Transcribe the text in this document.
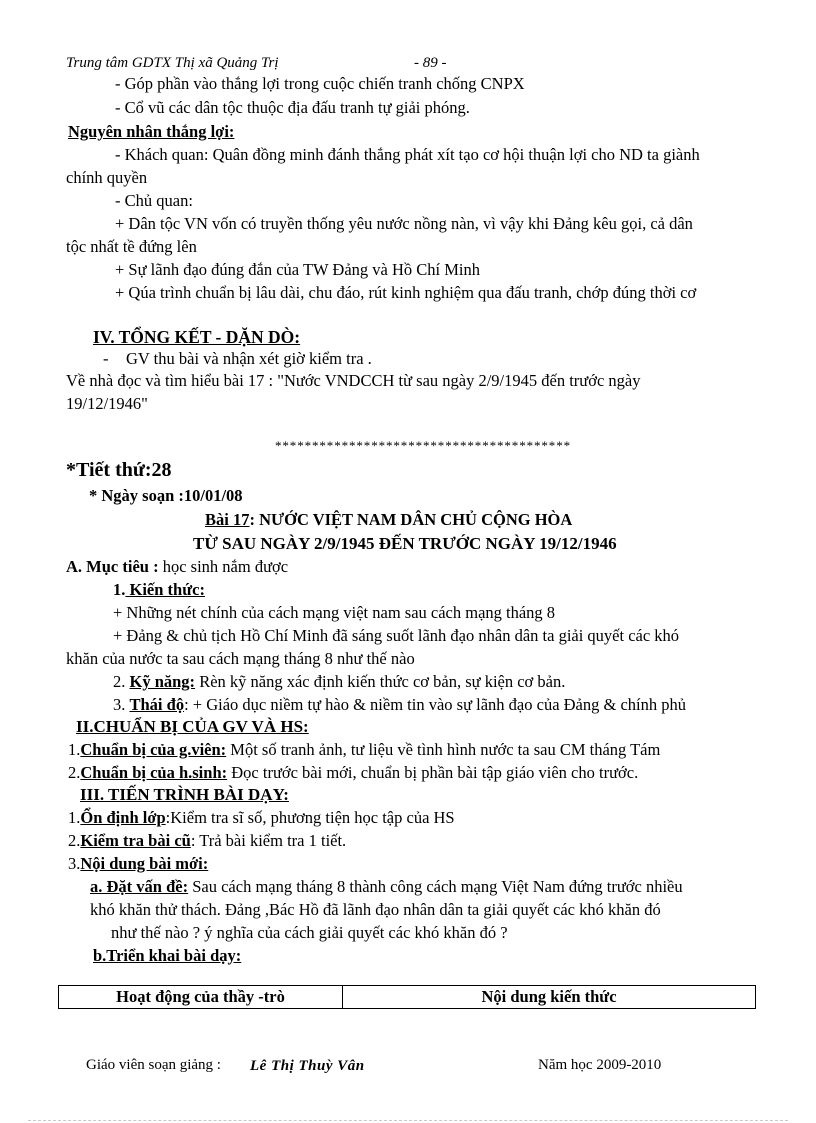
Trung tâm GDTX Thị xã Quảng Trị	- 89 -
- Góp phần vào thắng lợi trong cuộc chiến tranh chống CNPX
- Cổ vũ các dân tộc thuộc địa đấu tranh tự giải phóng.
Nguyên nhân thắng lợi:
- Khách quan: Quân đồng minh đánh thắng phát xít tạo cơ hội thuận lợi cho ND ta giành
chính quyền
- Chủ quan:
+ Dân tộc VN vốn có truyền thống yêu nước nồng nàn, vì vậy khi Đảng kêu gọi, cả dân
tộc nhất tề đứng lên
+ Sự lãnh đạo đúng đắn của TW Đảng và Hồ Chí Minh
+ Qúa trình chuẩn bị lâu dài, chu đáo, rút kinh nghiệm qua đấu tranh, chớp đúng thời cơ
IV. TỔNG KẾT - DẶN DÒ:
- GV thu bài và nhận xét giờ kiểm tra .
Về nhà đọc và tìm hiểu bài 17 : "Nước VNDCCH từ sau ngày 2/9/1945 đến trước ngày
19/12/1946"
****************************************
*Tiết thứ:28
* Ngày soạn :10/01/08
Bài 17: NƯỚC VIỆT NAM DÂN CHỦ CỘNG HÒA
TỪ SAU NGÀY 2/9/1945 ĐẾN TRƯỚC NGÀY 19/12/1946
A. Mục tiêu : học sinh nắm được
1. Kiến thức:
+ Những nét chính của cách mạng việt nam sau cách mạng tháng 8
+ Đảng & chủ tịch Hồ Chí Minh đã sáng suốt lãnh đạo nhân dân ta giải quyết các khó
khăn của nước ta sau cách mạng tháng 8 như thế nào
2. Kỹ năng: Rèn kỹ năng xác định kiến thức cơ bản, sự kiện cơ bản.
3. Thái độ: + Giáo dục niềm tự hào & niềm tin vào sự lãnh đạo của Đảng & chính phủ
II.CHUẨN BỊ CỦA GV VÀ HS:
1.Chuẩn bị của g.viên: Một số tranh ảnh, tư liệu về tình hình nước ta sau CM tháng Tám
2.Chuẩn bị của h.sinh: Đọc trước bài mới, chuẩn bị phần bài tập giáo viên cho trước.
III. TIẾN TRÌNH BÀI DẠY:
1.Ổn định lớp:Kiểm tra sĩ số, phương tiện học tập của HS
2.Kiểm tra bài cũ: Trả bài kiểm tra 1 tiết.
3.Nội dung bài mới:
a. Đặt vấn đề: Sau cách mạng tháng 8 thành công cách mạng Việt Nam đứng trước nhiều
khó khăn thử thách. Đảng ,Bác Hồ đã lãnh đạo nhân dân ta giải quyết các khó khăn đó
như thế nào ? ý nghĩa của cách giải quyết các khó khăn đó ?
b.Triển khai bài dạy:
Hoạt động của thầy -trò	Nội dung kiến thức
Giáo viên soạn giảng : Lê Thị Thuỳ Vân	Năm học 2009-2010
